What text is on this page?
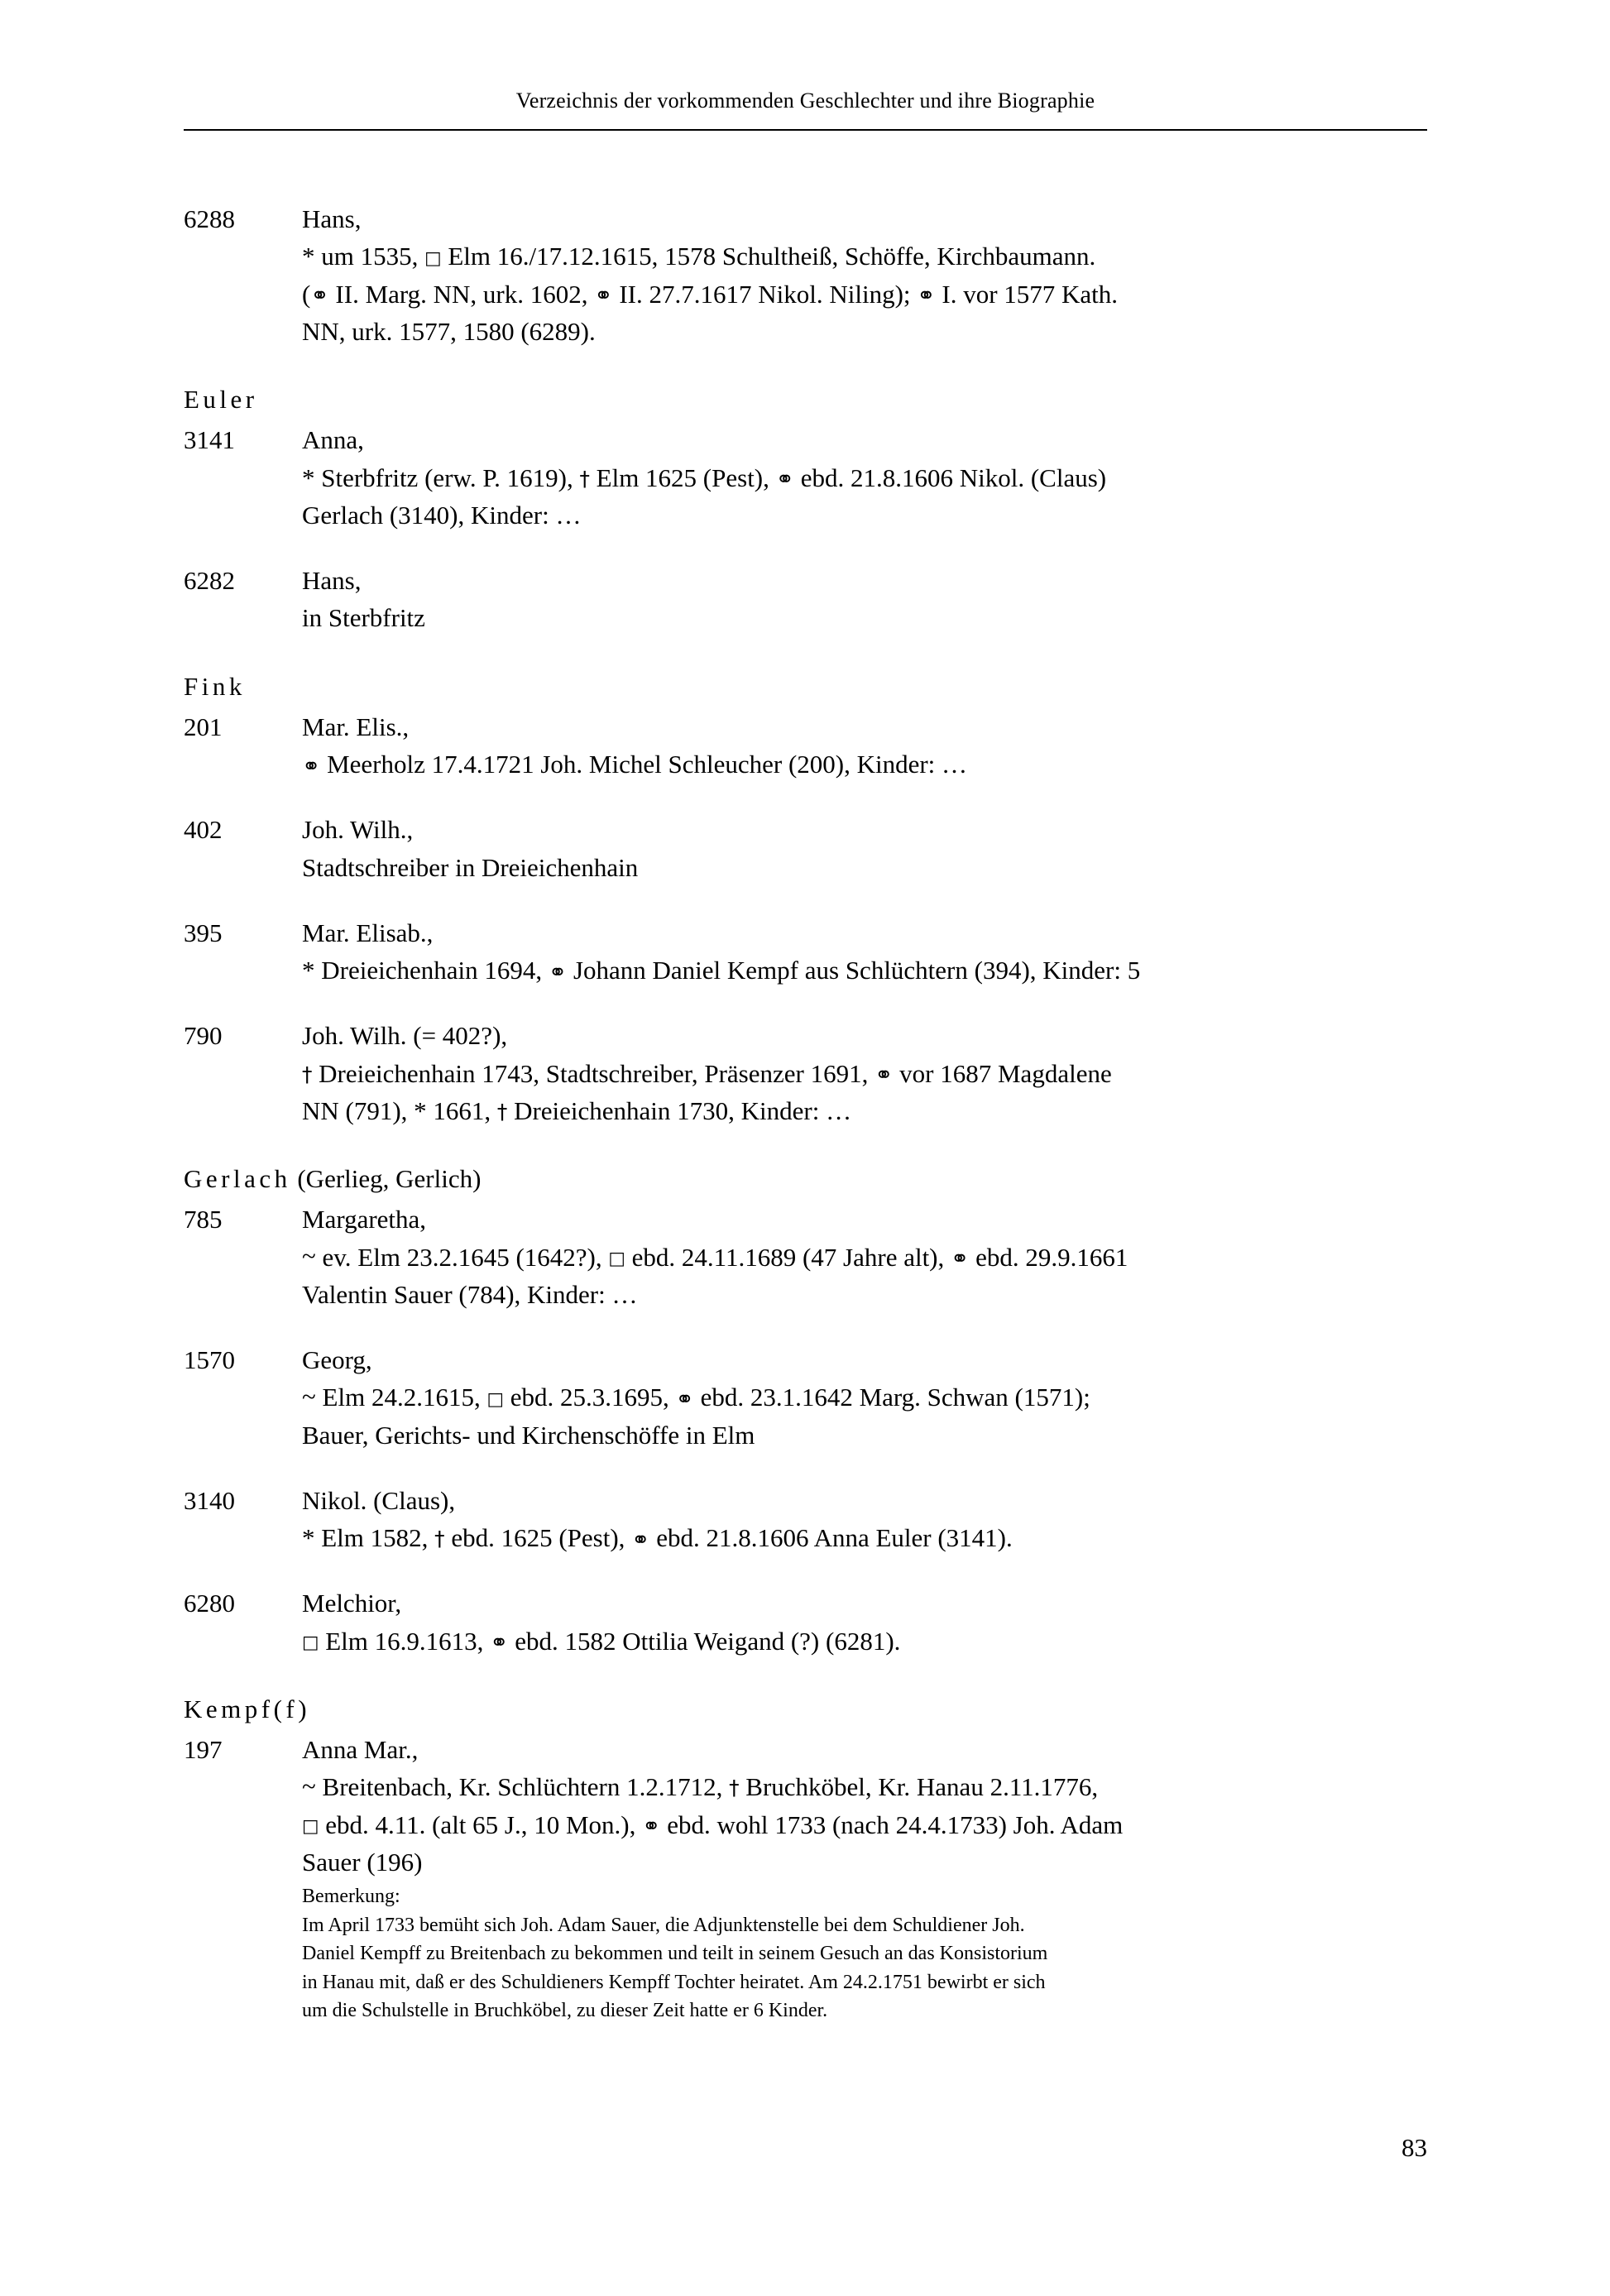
Verzeichnis der vorkommenden Geschlechter und ihre Biographie
6288	Hans,
* um 1535, □ Elm 16./17.12.1615, 1578 Schultheiß, Schöffe, Kirchbaumann.
(⚭ II. Marg. NN, urk. 1602, ⚭ II. 27.7.1617 Nikol. Niling); ⚭ I. vor 1577 Kath.
NN, urk. 1577, 1580 (6289).
Euler
3141	Anna,
* Sterbfritz (erw. P. 1619), † Elm 1625 (Pest), ⚭ ebd. 21.8.1606 Nikol. (Claus)
Gerlach (3140), Kinder: …
6282	Hans,
in Sterbfritz
Fink
201	Mar. Elis.,
⚭ Meerholz 17.4.1721 Joh. Michel Schleucher (200), Kinder: …
402	Joh. Wilh.,
Stadtschreiber in Dreieichenhain
395	Mar. Elisab.,
* Dreieichenhain 1694, ⚭ Johann Daniel Kempf aus Schlüchtern (394), Kinder: 5
790	Joh. Wilh. (= 402?),
† Dreieichenhain 1743, Stadtschreiber, Präsenzer 1691, ⚭ vor 1687 Magdalene
NN (791), * 1661, † Dreieichenhain 1730, Kinder: …
Gerlach (Gerlieg, Gerlich)
785	Margaretha,
~ ev. Elm 23.2.1645 (1642?), □ ebd. 24.11.1689 (47 Jahre alt), ⚭ ebd. 29.9.1661
Valentin Sauer (784), Kinder: …
1570	Georg,
~ Elm 24.2.1615, □ ebd. 25.3.1695, ⚭ ebd. 23.1.1642 Marg. Schwan (1571);
Bauer, Gerichts- und Kirchenschöffe in Elm
3140	Nikol. (Claus),
* Elm 1582, † ebd. 1625 (Pest), ⚭ ebd. 21.8.1606 Anna Euler (3141).
6280	Melchior,
□ Elm 16.9.1613, ⚭ ebd. 1582 Ottilia Weigand (?) (6281).
Kempf(f)
197	Anna Mar.,
~ Breitenbach, Kr. Schlüchtern 1.2.1712, † Bruchköbel, Kr. Hanau 2.11.1776,
□ ebd. 4.11. (alt 65 J., 10 Mon.), ⚭ ebd. wohl 1733 (nach 24.4.1733) Joh. Adam
Sauer (196)
Bemerkung:
Im April 1733 bemüht sich Joh. Adam Sauer, die Adjunktenstelle bei dem Schuldiener Joh.
Daniel Kempff zu Breitenbach zu bekommen und teilt in seinem Gesuch an das Konsistorium
in Hanau mit, daß er des Schuldieners Kempff Tochter heiratet. Am 24.2.1751 bewirbt er sich
um die Schulstelle in Bruchköbel, zu dieser Zeit hatte er 6 Kinder.
83
